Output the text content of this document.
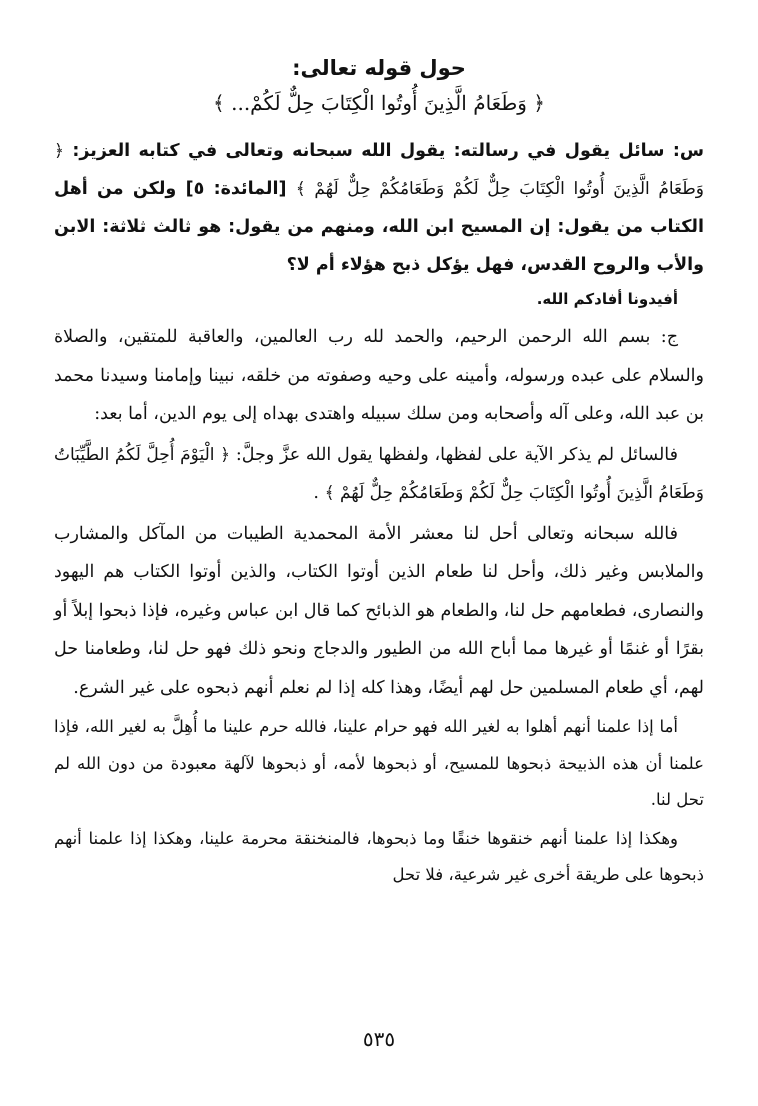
حول قوله تعالى:

﴿ وَطَعَامُ الَّذِينَ أُوتُوا الْكِتَابَ حِلٌّ لَكُمْ... ﴾

س: سائل يقول في رسالته: يقول الله سبحانه وتعالى في كتابه العزيز: ﴿ وَطَعَامُ الَّذِينَ أُوتُوا الْكِتَابَ حِلٌّ لَكُمْ وَطَعَامُكُمْ حِلٌّ لَهُمْ ﴾ [المائدة: ٥] ولكن من أهل الكتاب من يقول: إن المسيح ابن الله، ومنهم من يقول: هو ثالث ثلاثة: الابن والأب والروح القدس، فهل يؤكل ذبح هؤلاء أم لا؟

أفيدونا أفادكم الله.

ج: بسم الله الرحمن الرحيم، والحمد لله رب العالمين، والعاقبة للمتقين، والصلاة والسلام على عبده ورسوله، وأمينه على وحيه وصفوته من خلقه، نبينا وإمامنا وسيدنا محمد بن عبد الله، وعلى آله وأصحابه ومن سلك سبيله واهتدى بهداه إلى يوم الدين، أما بعد:

فالسائل لم يذكر الآية على لفظها، ولفظها يقول الله عزَّ وجلَّ: ﴿ الْيَوْمَ أُحِلَّ لَكُمُ الطَّيِّبَاتُ وَطَعَامُ الَّذِينَ أُوتُوا الْكِتَابَ حِلٌّ لَكُمْ وَطَعَامُكُمْ حِلٌّ لَهُمْ ﴾ .

فالله سبحانه وتعالى أحل لنا معشر الأمة المحمدية الطيبات من المآكل والمشارب والملابس وغير ذلك، وأحل لنا طعام الذين أوتوا الكتاب، والذين أوتوا الكتاب هم اليهود والنصارى، فطعامهم حل لنا، والطعام هو الذبائح كما قال ابن عباس وغيره، فإذا ذبحوا إبلاً أو بقرًا أو غنمًا أو غيرها مما أباح الله من الطيور والدجاج ونحو ذلك فهو حل لنا، وطعامنا حل لهم، أي طعام المسلمين حل لهم أيضًا، وهذا كله إذا لم نعلم أنهم ذبحوه على غير الشرع.

أما إذا علمنا أنهم أهلوا به لغير الله فهو حرام علينا، فالله حرم علينا ما أُهِلَّ به لغير الله، فإذا علمنا أن هذه الذبيحة ذبحوها للمسيح، أو ذبحوها لأمه، أو ذبحوها لآلهة معبودة من دون الله لم تحل لنا.

وهكذا إذا علمنا أنهم خنقوها خنقًا وما ذبحوها، فالمنخنقة محرمة علينا، وهكذا إذا علمنا أنهم ذبحوها على طريقة أخرى غير شرعية، فلا تحل

٥٣٥
